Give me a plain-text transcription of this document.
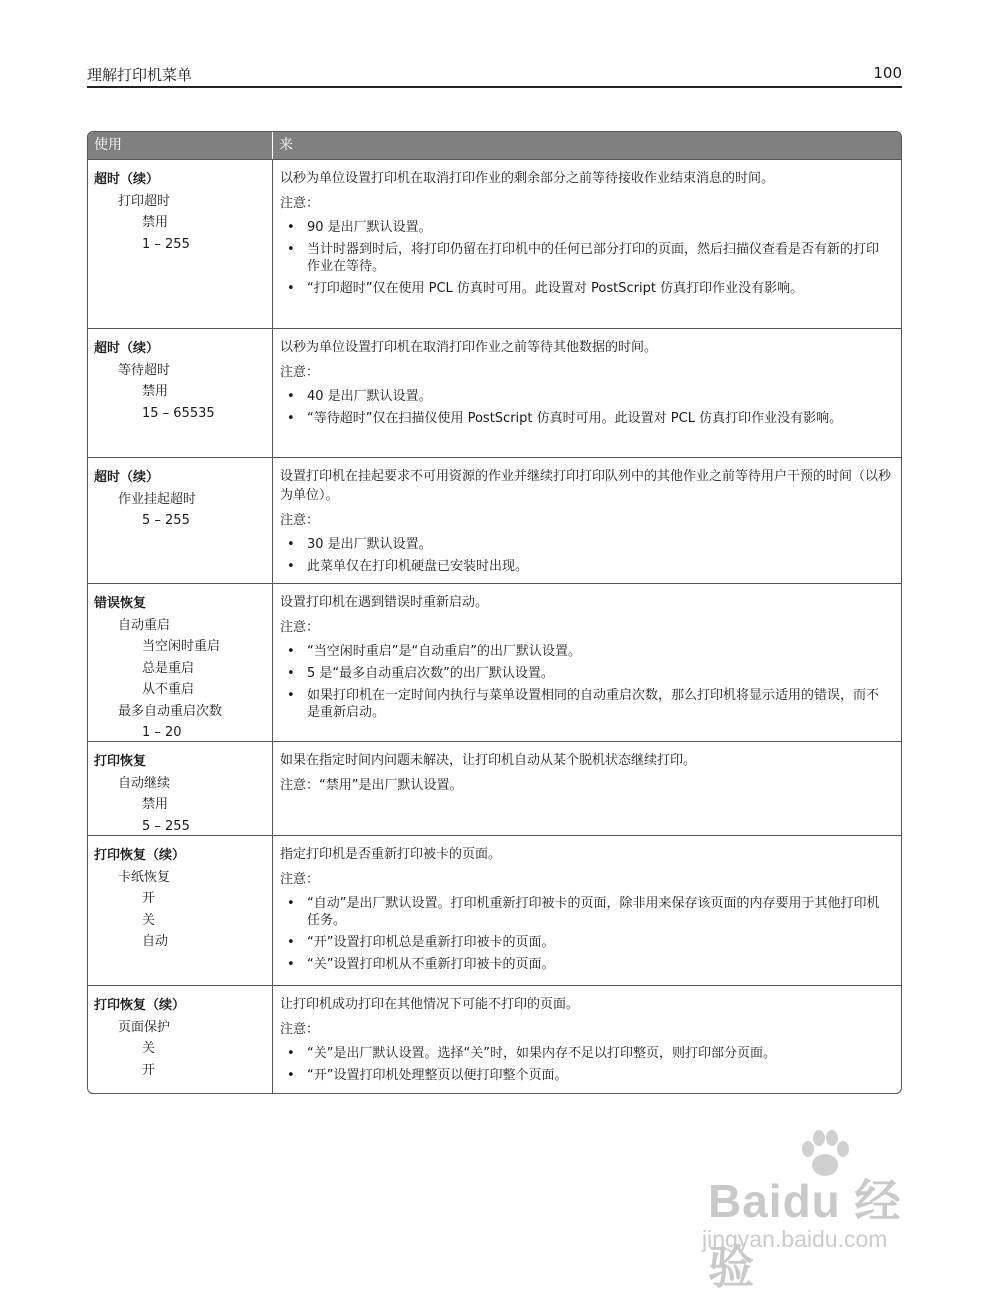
理解打印机菜单	100
使用	来
超时（续）
打印超时
禁用
1 – 255

以秒为单位设置打印机在取消打印作业的剩余部分之前等待接收作业结束消息的时间。

注意：

• 90 是出厂默认设置。
• 当计时器到时后，将打印仍留在打印机中的任何已部分打印的页面，然后扫描仪查看是否有新的打印作业在等待。
• “打印超时”仅在使用 PCL 仿真时可用。此设置对 PostScript 仿真打印作业没有影响。
超时（续）
等待超时
禁用
15 – 65535

以秒为单位设置打印机在取消打印作业之前等待其他数据的时间。

注意：

• 40 是出厂默认设置。
• “等待超时”仅在扫描仪使用 PostScript 仿真时可用。此设置对 PCL 仿真打印作业没有影响。
超时（续）
作业挂起超时
5 – 255

设置打印机在挂起要求不可用资源的作业并继续打印打印队列中的其他作业之前等待用户干预的时间（以秒为单位）。

注意：

• 30 是出厂默认设置。
• 此菜单仅在打印机硬盘已安装时出现。
错误恢复
自动重启
当空闲时重启
总是重启
从不重启
最多自动重启次数
1 – 20

设置打印机在遇到错误时重新启动。

注意：

• “当空闲时重启”是“自动重启”的出厂默认设置。
• 5 是“最多自动重启次数”的出厂默认设置。
• 如果打印机在一定时间内执行与菜单设置相同的自动重启次数，那么打印机将显示适用的错误，而不是重新启动。
打印恢复
自动继续
禁用
5 – 255

如果在指定时间内问题未解决，让打印机自动从某个脱机状态继续打印。

注意：“禁用”是出厂默认设置。

打印恢复（续）
卡纸恢复
开
关
自动

指定打印机是否重新打印被卡的页面。

注意：

• “自动”是出厂默认设置。打印机重新打印被卡的页面，除非用来保存该页面的内存要用于其他打印机任务。
• “开”设置打印机总是重新打印被卡的页面。
• “关”设置打印机从不重新打印被卡的页面。
打印恢复（续）
页面保护
关
开

让打印机成功打印在其他情况下可能不打印的页面。

注意：

• “关”是出厂默认设置。选择“关”时，如果内存不足以打印整页，则打印部分页面。
• “开”设置打印机处理整页以便打印整个页面。
Baidu 经验
jingyan.baidu.com
